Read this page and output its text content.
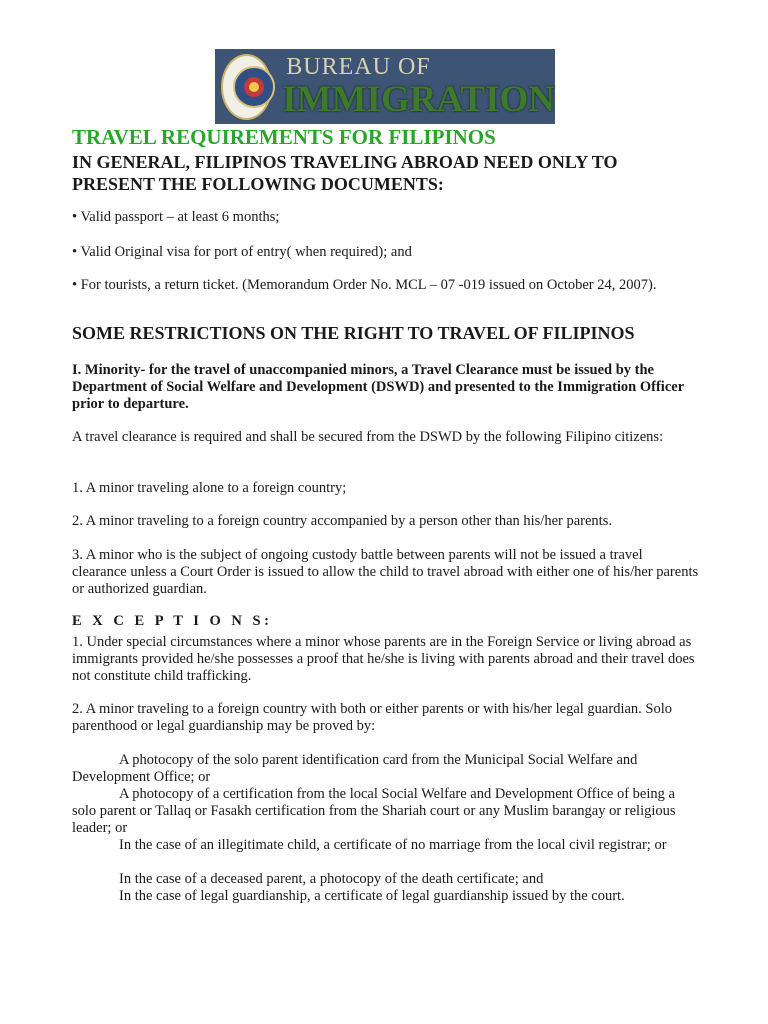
BUREAU OF
IMMIGRATION
TRAVEL REQUIREMENTS FOR FILIPINOS
IN GENERAL, FILIPINOS TRAVELING ABROAD NEED ONLY TO PRESENT THE FOLLOWING DOCUMENTS:

• Valid passport – at least 6 months;

• Valid Original visa for port of entry( when required); and

• For tourists, a return ticket. (Memorandum Order No. MCL – 07 -019 issued on October 24, 2007).

SOME RESTRICTIONS ON THE RIGHT TO TRAVEL OF FILIPINOS

I. Minority- for the travel of unaccompanied minors, a Travel Clearance must be issued by the Department of Social Welfare and Development (DSWD) and presented to the Immigration Officer prior to departure.

A travel clearance is required and shall be secured from the DSWD by the following Filipino citizens:

1. A minor traveling alone to a foreign country;

2. A minor traveling to a foreign country accompanied by a person other than his/her parents.

3. A minor who is the subject of ongoing custody battle between parents will not be issued a travel clearance unless a Court Order is issued to allow the child to travel abroad with either one of his/her parents or authorized guardian.

E X C E P T I O N S:

1. Under special circumstances where a minor whose parents are in the Foreign Service or living abroad as immigrants provided he/she possesses a proof that he/she is living with parents abroad and their travel does not constitute child trafficking.

2. A minor traveling to a foreign country with both or either parents or with his/her legal guardian. Solo parenthood or legal guardianship may be proved by:

A photocopy of the solo parent identification card from the Municipal Social Welfare and Development Office; or

A photocopy of a certification from the local Social Welfare and Development Office of being a solo parent or Tallaq or Fasakh certification from the Shariah court or any Muslim barangay or religious leader; or

In the case of an illegitimate child, a certificate of no marriage from the local civil registrar; or

In the case of a deceased parent, a photocopy of the death certificate; and

In the case of legal guardianship, a certificate of legal guardianship issued by the court.
